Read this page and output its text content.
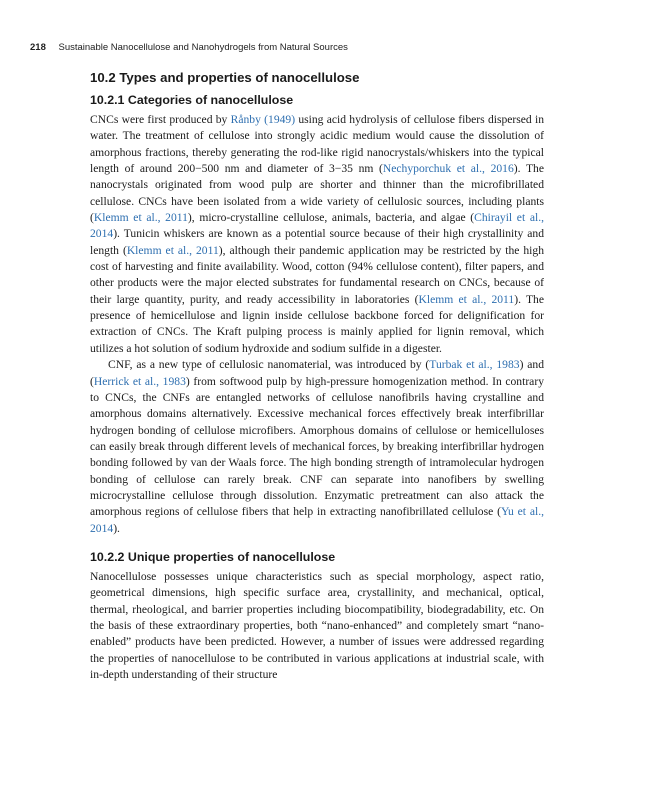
218 Sustainable Nanocellulose and Nanohydrogels from Natural Sources
10.2 Types and properties of nanocellulose
10.2.1 Categories of nanocellulose

CNCs were first produced by Rånby (1949) using acid hydrolysis of cellulose fibers dispersed in water. The treatment of cellulose into strongly acidic medium would cause the dissolution of amorphous fractions, thereby generating the rod-like rigid nanocrystals/whiskers into the typical length of around 200−500 nm and diameter of 3−35 nm (Nechyporchuk et al., 2016). The nanocrystals originated from wood pulp are shorter and thinner than the microfibrillated cellulose. CNCs have been isolated from a wide variety of cellulosic sources, including plants (Klemm et al., 2011), micro-crystalline cellulose, animals, bacteria, and algae (Chirayil et al., 2014). Tunicin whiskers are known as a potential source because of their high crystallinity and length (Klemm et al., 2011), although their pandemic application may be restricted by the high cost of harvesting and finite availability. Wood, cotton (94% cellulose content), filter papers, and other products were the major elected substrates for fundamental research on CNCs, because of their large quantity, purity, and ready accessibility in laboratories (Klemm et al., 2011). The presence of hemicellulose and lignin inside cellulose backbone forced for delignification for extraction of CNCs. The Kraft pulping process is mainly applied for lignin removal, which utilizes a hot solution of sodium hydroxide and sodium sulfide in a digester.

CNF, as a new type of cellulosic nanomaterial, was introduced by (Turbak et al., 1983) and (Herrick et al., 1983) from softwood pulp by high-pressure homogenization method. In contrary to CNCs, the CNFs are entangled networks of cellulose nanofibrils having crystalline and amorphous domains alternatively. Excessive mechanical forces effectively break interfibrillar hydrogen bonding of cellulose microfibers. Amorphous domains of cellulose or hemicelluloses can easily break through different levels of mechanical forces, by breaking interfibrillar hydrogen bonding followed by van der Waals force. The high bonding strength of intramolecular hydrogen bonding of cellulose can rarely break. CNF can separate into nanofibers by swelling microcrystalline cellulose through dissolution. Enzymatic pretreatment can also attack the amorphous regions of cellulose fibers that help in extracting nanofibrillated cellulose (Yu et al., 2014).

10.2.2 Unique properties of nanocellulose

Nanocellulose possesses unique characteristics such as special morphology, aspect ratio, geometrical dimensions, high specific surface area, crystallinity, and mechanical, optical, thermal, rheological, and barrier properties including biocompatibility, biodegradability, etc. On the basis of these extraordinary properties, both “nano-enhanced” and completely smart “nano-enabled” products have been predicted. However, a number of issues were addressed regarding the properties of nanocellulose to be contributed in various applications at industrial scale, with in-depth understanding of their structure
